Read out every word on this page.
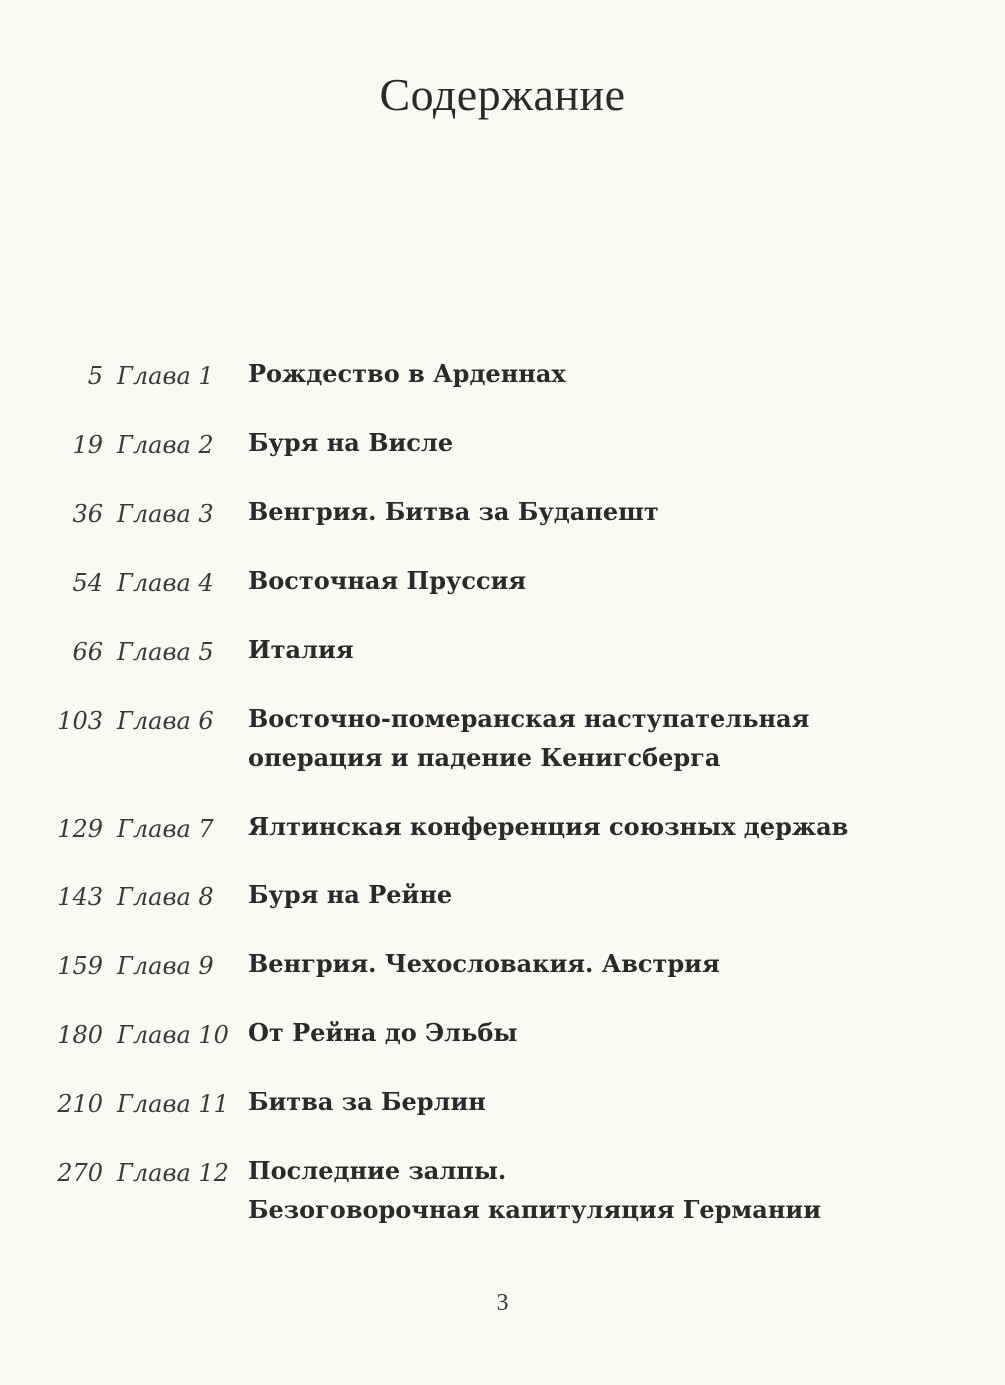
Содержание
5 Глава 1 Рождество в Арденнах
19 Глава 2 Буря на Висле
36 Глава 3 Венгрия. Битва за Будапешт
54 Глава 4 Восточная Пруссия
66 Глава 5 Италия
103 Глава 6 Восточно-померанская наступательная
операция и падение Кенигсберга
129 Глава 7 Ялтинская конференция союзных держав
143 Глава 8 Буря на Рейне
159 Глава 9 Венгрия. Чехословакия. Австрия
180 Глава 10 От Рейна до Эльбы
210 Глава 11 Битва за Берлин
270 Глава 12 Последние залпы.
Безоговорочная капитуляция Германии
3
